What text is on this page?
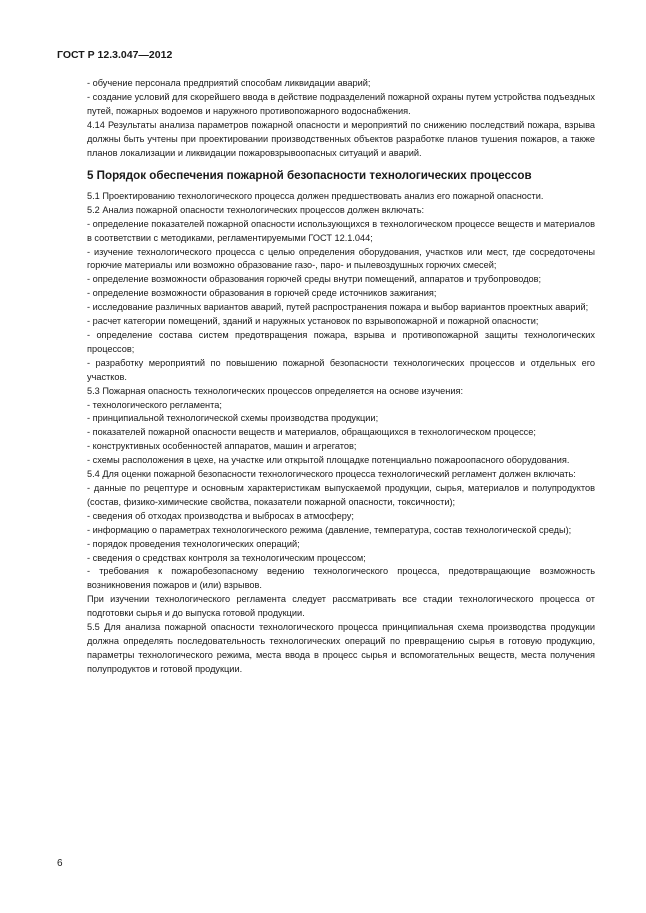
ГОСТ Р 12.3.047—2012

- обучение персонала предприятий способам ликвидации аварий;

- создание условий для скорейшего ввода в действие подразделений пожарной охраны путем устройства подъездных путей, пожарных водоемов и наружного противопожарного водоснабжения.

4.14 Результаты анализа параметров пожарной опасности и мероприятий по снижению последствий пожара, взрыва должны быть учтены при проектировании производственных объектов разработке планов тушения пожаров, а также планов локализации и ликвидации пожаровзрывоопасных ситуаций и аварий.

5 Порядок обеспечения пожарной безопасности технологических процессов

5.1 Проектированию технологического процесса должен предшествовать анализ его пожарной опасности.

5.2 Анализ пожарной опасности технологических процессов должен включать:

- определение показателей пожарной опасности использующихся в технологическом процессе веществ и материалов в соответствии с методиками, регламентируемыми ГОСТ 12.1.044;

- изучение технологического процесса с целью определения оборудования, участков или мест, где сосредоточены горючие материалы или возможно образование газо-, паро- и пылевоздушных горючих смесей;

- определение возможности образования горючей среды внутри помещений, аппаратов и трубопроводов;

- определение возможности образования в горючей среде источников зажигания;

- исследование различных вариантов аварий, путей распространения пожара и выбор вариантов проектных аварий;

- расчет категории помещений, зданий и наружных установок по взрывопожарной и пожарной опасности;

- определение состава систем предотвращения пожара, взрыва и противопожарной защиты технологических процессов;

- разработку мероприятий по повышению пожарной безопасности технологических процессов и отдельных его участков.

5.3 Пожарная опасность технологических процессов определяется на основе изучения:

- технологического регламента;

- принципиальной технологической схемы производства продукции;

- показателей пожарной опасности веществ и материалов, обращающихся в технологическом процессе;

- конструктивных особенностей аппаратов, машин и агрегатов;

- схемы расположения в цехе, на участке или открытой площадке потенциально пожароопасного оборудования.

5.4 Для оценки пожарной безопасности технологического процесса технологический регламент должен включать:

- данные по рецептуре и основным характеристикам выпускаемой продукции, сырья, материалов и полупродуктов (состав, физико-химические свойства, показатели пожарной опасности, токсичности);

- сведения об отходах производства и выбросах в атмосферу;

- информацию о параметрах технологического режима (давление, температура, состав технологической среды);

- порядок проведения технологических операций;

- сведения о средствах контроля за технологическим процессом;

- требования к пожаробезопасному ведению технологического процесса, предотвращающие возможность возникновения пожаров и (или) взрывов.

При изучении технологического регламента следует рассматривать все стадии технологического процесса от подготовки сырья и до выпуска готовой продукции.

5.5 Для анализа пожарной опасности технологического процесса принципиальная схема производства продукции должна определять последовательность технологических операций по превращению сырья в готовую продукцию, параметры технологического режима, места ввода в процесс сырья и вспомогательных веществ, места получения полупродуктов и готовой продукции.

6
